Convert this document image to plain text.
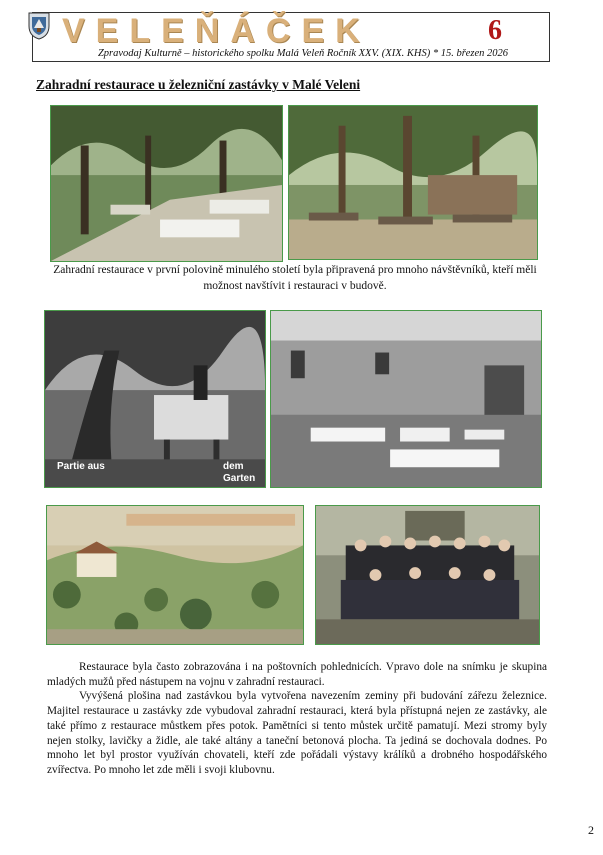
VELEŇÁČEK	6
Zpravodaj Kulturně – historického spolku Malá Veleň Ročník XXV. (XIX. KHS) * 15. březen 2026
Zahradní restaurace u železniční zastávky v Malé Veleni
Zahradní restaurace v první polovině minulého století byla připravená pro mnoho návštěvníků, kteří měli možnost navštívit i restauraci v budově.
Partie aus	dem Garten

Restaurace byla často zobrazována i na poštovních pohlednicích. Vpravo dole na snímku je skupina mladých mužů před nástupem na vojnu v zahradní restauraci.

Vyvýšená plošina nad zastávkou byla vytvořena navezením zeminy při budování zářezu železnice. Majitel restaurace u zastávky zde vybudoval zahradní restauraci, která byla přístupná nejen ze zastávky, ale také přímo z restaurace můstkem přes potok. Pamětníci si tento můstek určitě pamatují. Mezi stromy byly nejen stolky, lavičky a židle, ale také altány a taneční betonová plocha. Ta jediná se dochovala dodnes. Po mnoho let byl prostor využíván chovateli, kteří zde pořádali výstavy králíků a drobného hospodářského zvířectva. Po mnoho let zde měli i svoji klubovnu.

2
